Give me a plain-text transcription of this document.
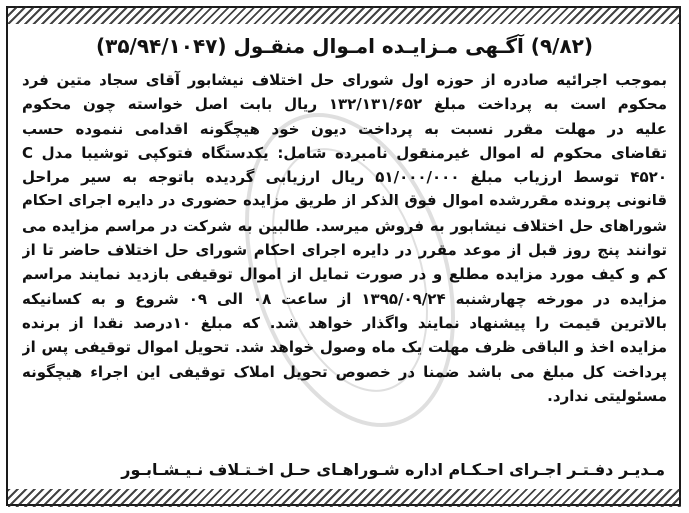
(۹/۸۲) آگـهی مـزایـده امـوال منقـول (۳۵/۹۴/۱۰۴۷)
بموجب اجرائیه صادره از حوزه اول شورای حل اختلاف نیشابور آقای سجاد متین فرد
محکوم است به پرداخت مبلغ ۱۳۲/۱۳۱/۶۵۲ ریال بابت اصل خواسته چون محکوم
علیه در مهلت مقرر نسبت به پرداخت دیون خود هیچگونه اقدامی ننموده حسب
تقاضای محکوم له اموال غیرمنقول نامبرده شامل: یکدستگاه فتوکپی توشیبا مدل C
۴۵۲۰ توسط ارزیاب مبلغ ۵۱/۰۰۰/۰۰۰ ریال ارزیابی گردیده باتوجه به سیر مراحل
قانونی پرونده مقررشده اموال فوق الذکر از طریق مزایده حضوری در دایره اجرای احکام
شوراهای حل اختلاف نیشابور به فروش میرسد. طالبین به شرکت در مراسم مزایده می
توانند پنج روز قبل از موعد مقرر در دایره اجرای احکام شورای حل اختلاف حاضر تا از
کم و کیف مورد مزایده مطلع و در صورت تمایل از اموال توقیفی بازدید نمایند مراسم
مزایده در مورخه چهارشنبه ۱۳۹۵/۰۹/۲۴ از ساعت ۰۸ الی ۰۹ شروع و به کسانیکه
بالاترین قیمت را پیشنهاد نمایند واگذار خواهد شد. که مبلغ ۱۰درصد نقدا از برنده
مزایده اخذ و الباقی ظرف مهلت یک ماه وصول خواهد شد. تحویل اموال توقیفی پس از
پرداخت کل مبلغ می باشد ضمنا در خصوص تحویل املاک توقیفی این اجراء هیچگونه
مسئولیتی ندارد.
مـدیـر دفـتـر اجـرای احـکـام اداره شـوراهـای حـل اخـتـلاف نـیـشـابـور
